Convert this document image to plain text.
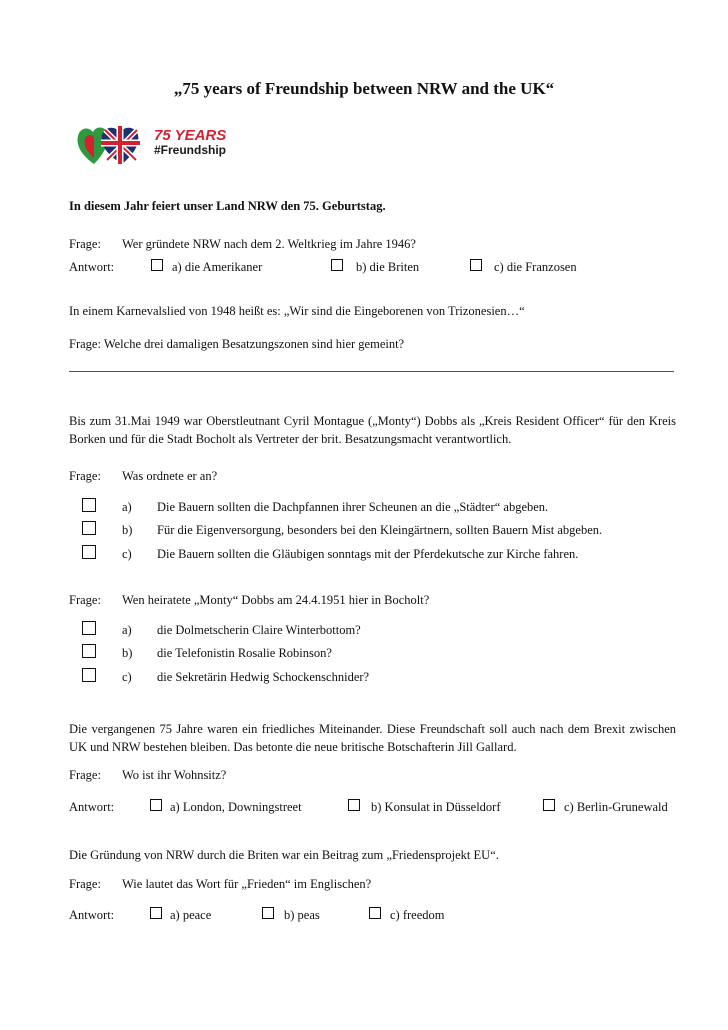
„75 years of Freundship between NRW and the UK“
75 YEARS
#Freundship
In diesem Jahr feiert unser Land NRW den 75. Geburtstag.
Frage: Wer gründete NRW nach dem 2. Weltkrieg im Jahre 1946?
Antwort:	a) die Amerikaner	b) die Briten	c) die Franzosen
In einem Karnevalslied von 1948 heißt es: „Wir sind die Eingeborenen von Trizonesien…“
Frage: Welche drei damaligen Besatzungszonen sind hier gemeint?
Bis zum 31.Mai 1949 war Oberstleutnant Cyril Montague („Monty“) Dobbs als „Kreis Resident Officer“ für den Kreis Borken und für die Stadt Bocholt als Vertreter der brit. Besatzungsmacht verantwortlich.
Frage: Was ordnete er an?
a) Die Bauern sollten die Dachpfannen ihrer Scheunen an die „Städter“ abgeben.
b) Für die Eigenversorgung, besonders bei den Kleingärtnern, sollten Bauern Mist abgeben.
c) Die Bauern sollten die Gläubigen sonntags mit der Pferdekutsche zur Kirche fahren.
Frage: Wen heiratete „Monty“ Dobbs am 24.4.1951 hier in Bocholt?
a) die Dolmetscherin Claire Winterbottom?
b) die Telefonistin Rosalie Robinson?
c) die Sekretärin Hedwig Schockenschnider?
Die vergangenen 75 Jahre waren ein friedliches Miteinander. Diese Freundschaft soll auch nach dem Brexit zwischen UK und NRW bestehen bleiben. Das betonte die neue britische Botschafterin Jill Gallard.
Frage: Wo ist ihr Wohnsitz?
Antwort:	a) London, Downingstreet	b) Konsulat in Düsseldorf	c) Berlin-Grunewald
Die Gründung von NRW durch die Briten war ein Beitrag zum „Friedensprojekt EU“.
Frage: Wie lautet das Wort für „Frieden“ im Englischen?
Antwort:	a) peace	b) peas	c) freedom
